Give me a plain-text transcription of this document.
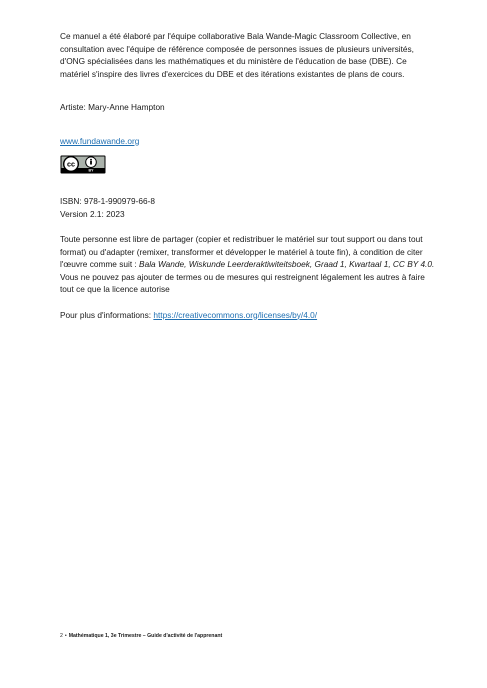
Ce manuel a été élaboré par l'équipe collaborative Bala Wande-Magic Classroom Collective, en consultation avec l'équipe de référence composée de personnes issues de plusieurs universités, d'ONG spécialisées dans les mathématiques et du ministère de l'éducation de base (DBE). Ce matériel s'inspire des livres d'exercices du DBE et des itérations existantes de plans de cours.

Artiste: Mary-Anne Hampton

www.fundawande.org

cc
BY

ISBN: 978-1-990979-66-8

Version 2.1: 2023

Toute personne est libre de partager (copier et redistribuer le matériel sur tout support ou dans tout format) ou d'adapter (remixer, transformer et développer le matériel à toute fin), à condition de citer l'œuvre comme suit : Bala Wande, Wiskunde Leerderaktiwiteitsboek, Graad 1, Kwartaal 1, CC BY 4.0.

Vous ne pouvez pas ajouter de termes ou de mesures qui restreignent légalement les autres à faire tout ce que la licence autorise

Pour plus d'informations: https://creativecommons.org/licenses/by/4.0/

2 • Mathématique 1, 3e Trimestre – Guide d'activité de l'apprenant
